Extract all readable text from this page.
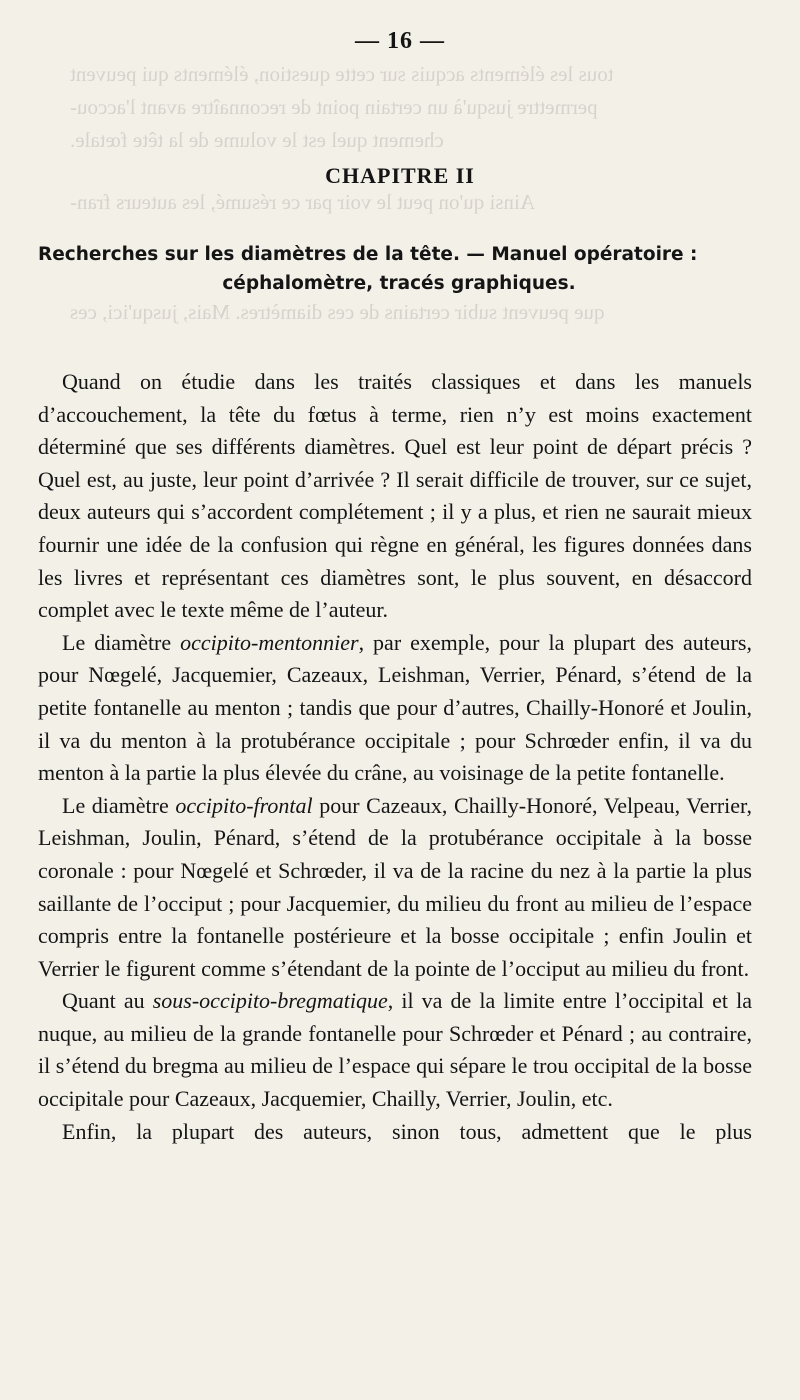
tous les éléments acquis sur cette question, éléments qui peuvent
permettre jusqu'à un certain point de reconnaître avant l'accou-
chement quel est le volume de la tête fœtale.
Ainsi qu'on peut le voir par ce résumé, les auteurs fran-
que peuvent subir certains de ces diamètres. Mais, jusqu'ici, ces
— 16 —
CHAPITRE II
Recherches sur les diamètres de la tête. — Manuel opératoire :
céphalomètre, tracés graphiques.

Quand on étudie dans les traités classiques et dans les manuels d’accouchement, la tête du fœtus à terme, rien n’y est moins exactement déterminé que ses différents diamètres. Quel est leur point de départ précis ? Quel est, au juste, leur point d’arrivée ? Il serait difficile de trouver, sur ce sujet, deux auteurs qui s’accordent complétement ; il y a plus, et rien ne saurait mieux fournir une idée de la confusion qui règne en général, les figures données dans les livres et représentant ces diamètres sont, le plus souvent, en désaccord complet avec le texte même de l’auteur.

Le diamètre occipito-mentonnier, par exemple, pour la plupart des auteurs, pour Nœgelé, Jacquemier, Cazeaux, Leishman, Verrier, Pénard, s’étend de la petite fontanelle au menton ; tandis que pour d’autres, Chailly-Honoré et Joulin, il va du menton à la protubérance occipitale ; pour Schrœder enfin, il va du menton à la partie la plus élevée du crâne, au voisinage de la petite fontanelle.

Le diamètre occipito-frontal pour Cazeaux, Chailly-Honoré, Velpeau, Verrier, Leishman, Joulin, Pénard, s’étend de la protubérance occipitale à la bosse coronale : pour Nœgelé et Schrœder, il va de la racine du nez à la partie la plus saillante de l’occiput ; pour Jacquemier, du milieu du front au milieu de l’espace compris entre la fontanelle postérieure et la bosse occipitale ; enfin Joulin et Verrier le figurent comme s’étendant de la pointe de l’occiput au milieu du front.

Quant au sous-occipito-bregmatique, il va de la limite entre l’occipital et la nuque, au milieu de la grande fontanelle pour Schrœder et Pénard ; au contraire, il s’étend du bregma au milieu de l’espace qui sépare le trou occipital de la bosse occipitale pour Cazeaux, Jacquemier, Chailly, Verrier, Joulin, etc.

Enfin, la plupart des auteurs, sinon tous, admettent que le plus
